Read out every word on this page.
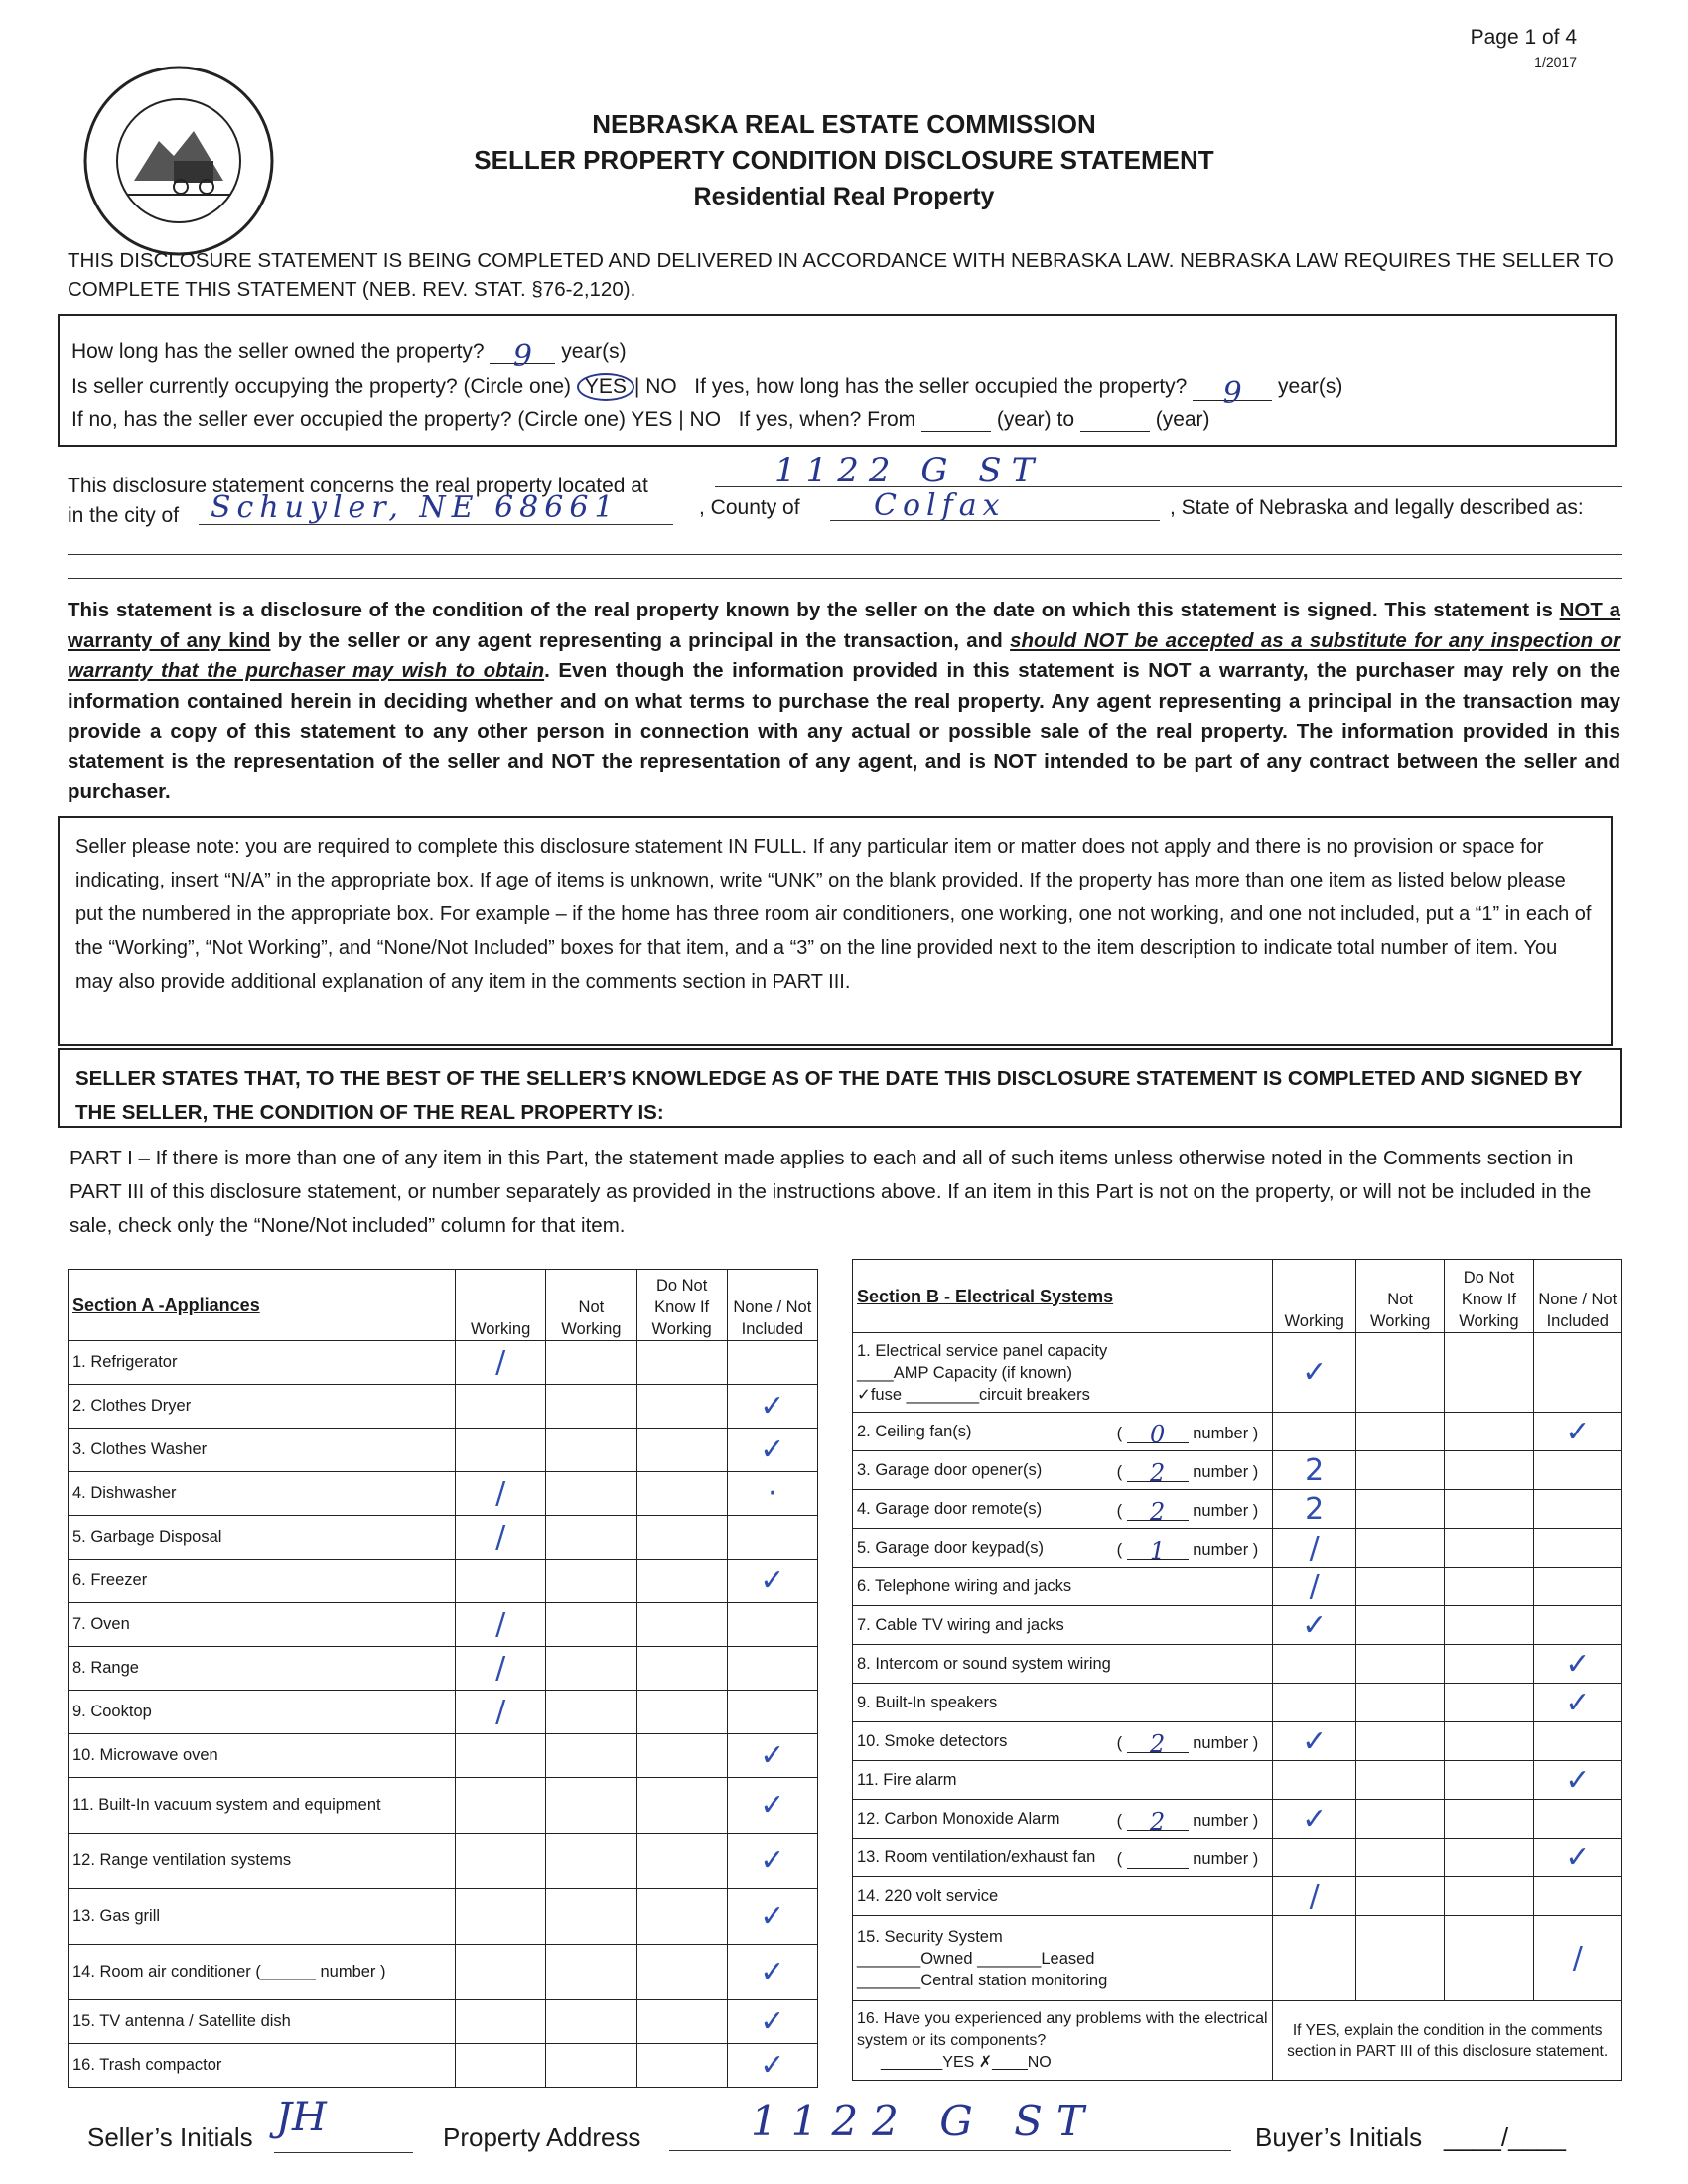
Page 1 of 4
1/2017
NEBRASKA REAL ESTATE COMMISSION
SELLER PROPERTY CONDITION DISCLOSURE STATEMENT
Residential Real Property
THIS DISCLOSURE STATEMENT IS BEING COMPLETED AND DELIVERED IN ACCORDANCE WITH NEBRASKA LAW. NEBRASKA LAW REQUIRES THE SELLER TO COMPLETE THIS STATEMENT (NEB. REV. STAT. §76-2,120).
How long has the seller owned the property? 9 year(s)
Is seller currently occupying the property? (Circle one) YES | NO If yes, how long has the seller occupied the property? 9 year(s)
If no, has the seller ever occupied the property? (Circle one) YES | NO If yes, when? From	(year) to	(year)
This disclosure statement concerns the real property located at	1122 G ST
in the city of Schuyler, NE 68661	, County of Colfax	, State of Nebraska and legally described as:
This statement is a disclosure of the condition of the real property known by the seller on the date on which this statement is signed. This statement is NOT a warranty of any kind by the seller or any agent representing a principal in the transaction, and should NOT be accepted as a substitute for any inspection or warranty that the purchaser may wish to obtain. Even though the information provided in this statement is NOT a warranty, the purchaser may rely on the information contained herein in deciding whether and on what terms to purchase the real property. Any agent representing a principal in the transaction may provide a copy of this statement to any other person in connection with any actual or possible sale of the real property. The information provided in this statement is the representation of the seller and NOT the representation of any agent, and is NOT intended to be part of any contract between the seller and purchaser.
Seller please note: you are required to complete this disclosure statement IN FULL. If any particular item or matter does not apply and there is no provision or space for indicating, insert “N/A” in the appropriate box. If age of items is unknown, write “UNK” on the blank provided. If the property has more than one item as listed below please put the numbered in the appropriate box. For example – if the home has three room air conditioners, one working, one not working, and one not included, put a “1” in each of the “Working”, “Not Working”, and “None/Not Included” boxes for that item, and a “3” on the line provided next to the item description to indicate total number of item. You may also provide additional explanation of any item in the comments section in PART III.
SELLER STATES THAT, TO THE BEST OF THE SELLER’S KNOWLEDGE AS OF THE DATE THIS DISCLOSURE STATEMENT IS COMPLETED AND SIGNED BY THE SELLER, THE CONDITION OF THE REAL PROPERTY IS:
PART I – If there is more than one of any item in this Part, the statement made applies to each and all of such items unless otherwise noted in the Comments section in PART III of this disclosure statement, or number separately as provided in the instructions above. If an item in this Part is not on the property, or will not be included in the sale, check only the “None/Not included” column for that item.
Section A -Appliances	Working	Not Working	Do Not Know If Working	None / Not Included
1. Refrigerator	/			
2. Clothes Dryer				✓
3. Clothes Washer				✓
4. Dishwasher	/			·
5. Garbage Disposal	/			
6. Freezer				✓
7. Oven	/			
8. Range	/			
9. Cooktop	/			
10. Microwave oven				✓
11. Built-In vacuum system and equipment				✓
12. Range ventilation systems				✓
13. Gas grill				✓
14. Room air conditioner (______ number )				✓
15. TV antenna / Satellite dish				✓
16. Trash compactor				✓
Section B - Electrical Systems	Working	Not Working	Do Not Know If Working	None / Not Included

1. Electrical service panel capacity
____AMP Capacity (if known)
✓fuse ________circuit breakers	✓			
2. Ceiling fan(s) ( 0 number )				✓
3. Garage door opener(s) ( 2 number )	2			
4. Garage door remote(s) ( 2 number )	2			
5. Garage door keypad(s) ( 1 number )	/			
6. Telephone wiring and jacks	/			
7. Cable TV wiring and jacks	✓			
8. Intercom or sound system wiring				✓
9. Built-In speakers				✓
10. Smoke detectors ( 2 number )	✓			
11. Fire alarm				✓
12. Carbon Monoxide Alarm ( 2 number )	✓			
13. Room ventilation/exhaust fan ( number )				✓
14. 220 volt service	/			

15. Security System
_______Owned _______Leased
_______Central station monitoring				/

16. Have you experienced any problems with the electrical system or its components?
_______YES ✗____NO	If YES, explain the condition in the comments section in PART III of this disclosure statement.			
Seller’s Initials JH	Property Address	1122 G ST	Buyer’s Initials ____/____
